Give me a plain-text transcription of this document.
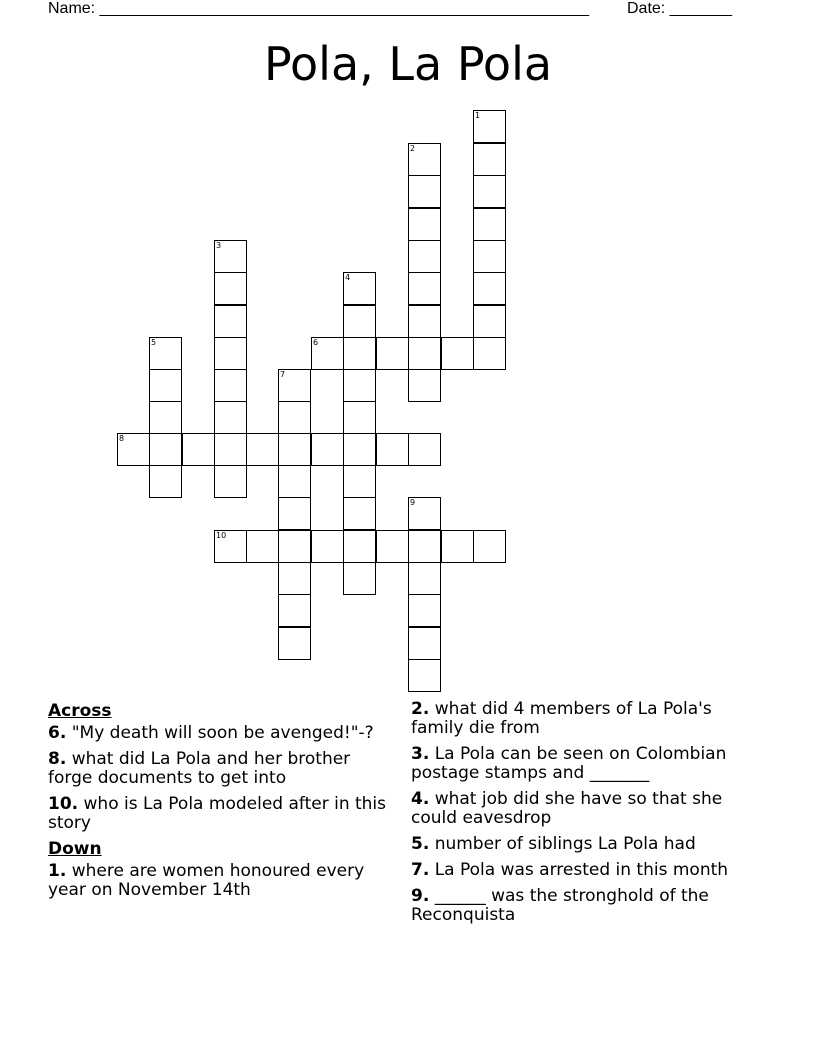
Name: _______________________________________________________ Date: _______
Pola, La Pola
1
2
3
4
5	6
7
8
9
10
Across
6. "My death will soon be avenged!"-?
8. what did La Pola and her brother forge documents to get into
10. who is La Pola modeled after in this story
Down
1. where are women honoured every year on November 14th
2. what did 4 members of La Pola's family die from
3. La Pola can be seen on Colombian postage stamps and _______
4. what job did she have so that she could eavesdrop
5. number of siblings La Pola had
7. La Pola was arrested in this month
9. ______ was the stronghold of the Reconquista
